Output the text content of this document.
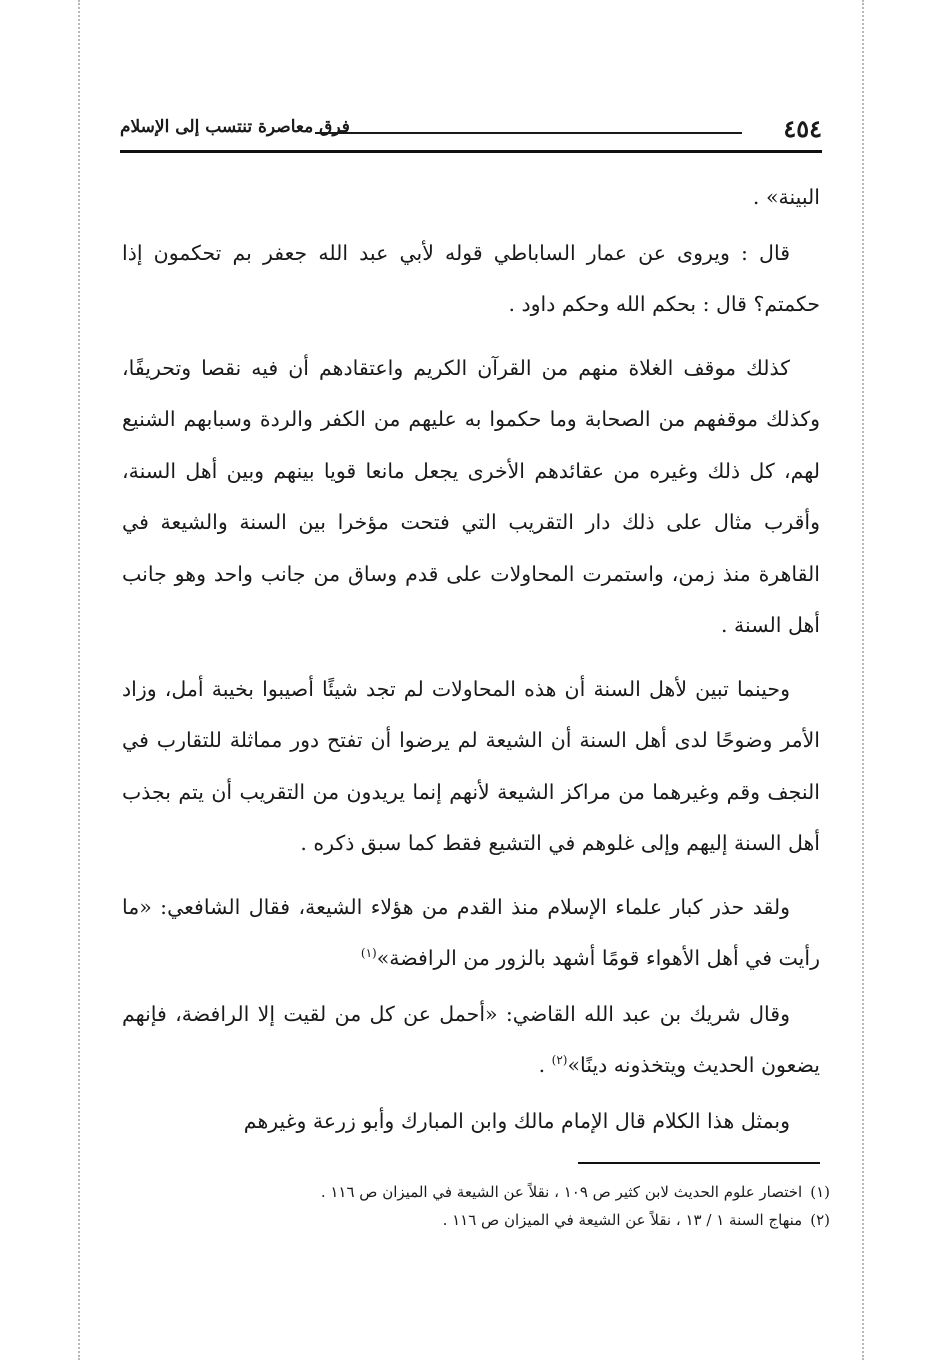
٤٥٤
فرق معاصرة تنتسب إلى الإسلام

البينة» .

قال : ويروى عن عمار الساباطي قوله لأبي عبد الله جعفر بم تحكمون إذا حكمتم؟ قال : بحكم الله وحكم داود .

كذلك موقف الغلاة منهم من القرآن الكريم واعتقادهم أن فيه نقصا وتحريفًا، وكذلك موقفهم من الصحابة وما حكموا به عليهم من الكفر والردة وسبابهم الشنيع لهم، كل ذلك وغيره من عقائدهم الأخرى يجعل مانعا قويا بينهم وبين أهل السنة، وأقرب مثال على ذلك دار التقريب التي فتحت مؤخرا بين السنة والشيعة في القاهرة منذ زمن، واستمرت المحاولات على قدم وساق من جانب واحد وهو جانب أهل السنة .

وحينما تبين لأهل السنة أن هذه المحاولات لم تجد شيئًا أصيبوا بخيبة أمل، وزاد الأمر وضوحًا لدى أهل السنة أن الشيعة لم يرضوا أن تفتح دور مماثلة للتقارب في النجف وقم وغيرهما من مراكز الشيعة لأنهم إنما يريدون من التقريب أن يتم بجذب أهل السنة إليهم وإلى غلوهم في التشيع فقط كما سبق ذكره .

ولقد حذر كبار علماء الإسلام منذ القدم من هؤلاء الشيعة، فقال الشافعي: «ما رأيت في أهل الأهواء قومًا أشهد بالزور من الرافضة»$^{(١)}$

وقال شريك بن عبد الله القاضي: «أحمل عن كل من لقيت إلا الرافضة، فإنهم يضعون الحديث ويتخذونه دينًا»$^{(٢)}$ .

وبمثل هذا الكلام قال الإمام مالك وابن المبارك وأبو زرعة وغيرهم

(١)اختصار علوم الحديث لابن كثير ص ١٠٩ ، نقلاً عن الشيعة في الميزان ص ١١٦ .

(٢)منهاج السنة ١ / ١٣ ، نقلاً عن الشيعة في الميزان ص ١١٦ .
